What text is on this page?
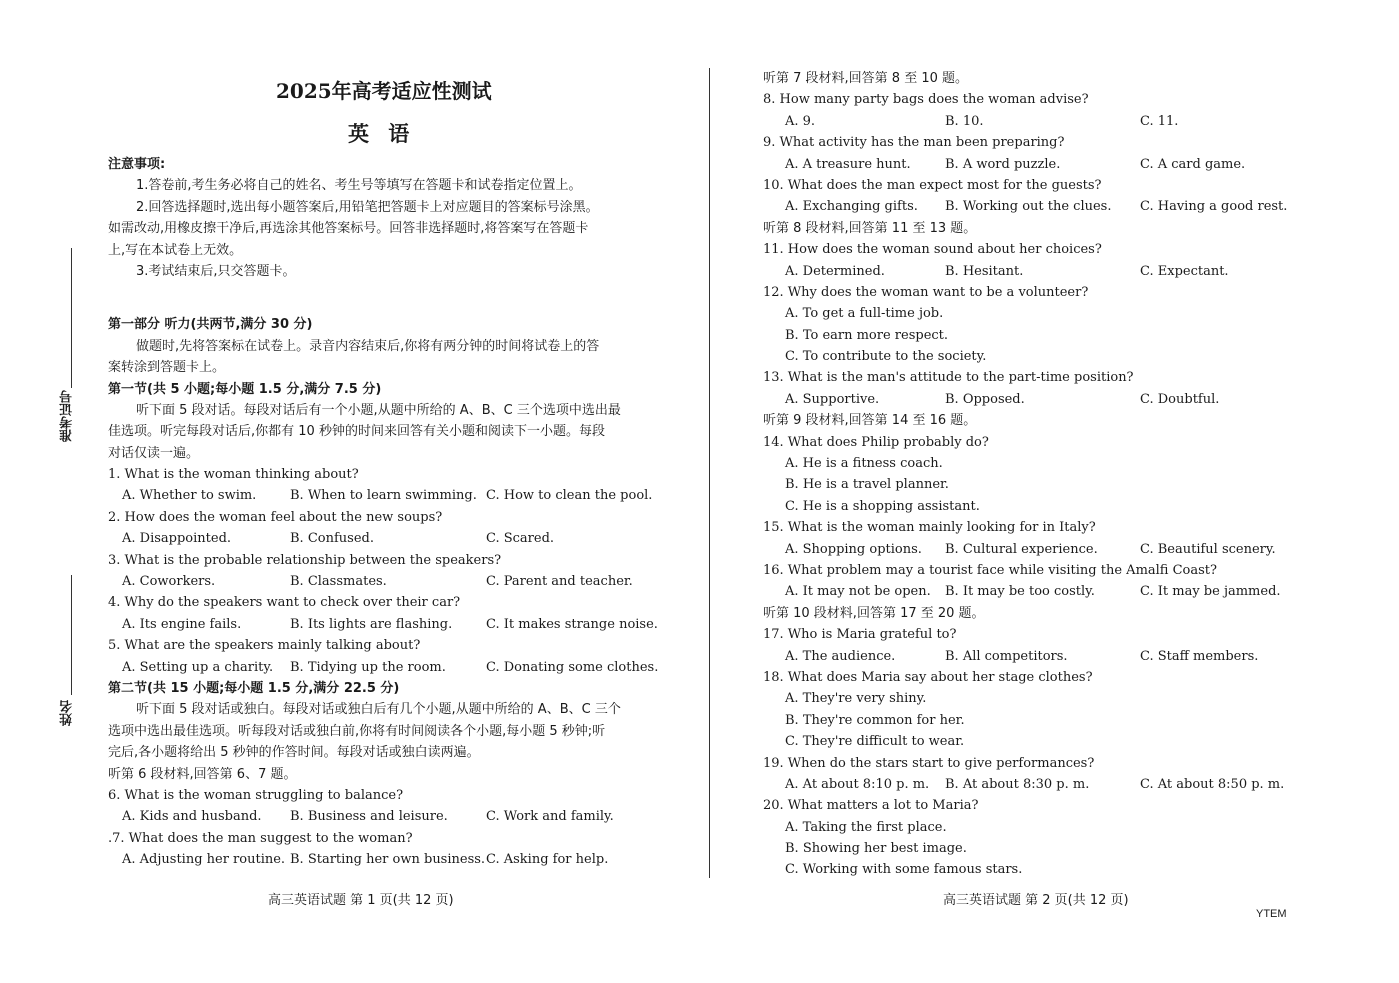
准考证号
姓名
2025年高考适应性测试
英 语
注意事项:
1.答卷前,考生务必将自己的姓名、考生号等填写在答题卡和试卷指定位置上。
2.回答选择题时,选出每小题答案后,用铅笔把答题卡上对应题目的答案标号涂黑。
如需改动,用橡皮擦干净后,再选涂其他答案标号。回答非选择题时,将答案写在答题卡
上,写在本试卷上无效。
3.考试结束后,只交答题卡。
第一部分 听力(共两节,满分 30 分)
做题时,先将答案标在试卷上。录音内容结束后,你将有两分钟的时间将试卷上的答
案转涂到答题卡上。
第一节(共 5 小题;每小题 1.5 分,满分 7.5 分)
听下面 5 段对话。每段对话后有一个小题,从题中所给的 A、B、C 三个选项中选出最
佳选项。听完每段对话后,你都有 10 秒钟的时间来回答有关小题和阅读下一小题。每段
对话仅读一遍。
1. What is the woman thinking about?
A. Whether to swim.	B. When to learn swimming. C. How to clean the pool.
2. How does the woman feel about the new soups?
A. Disappointed.	B. Confused.	C. Scared.
3. What is the probable relationship between the speakers?
A. Coworkers.	B. Classmates.	C. Parent and teacher.
4. Why do the speakers want to check over their car?
A. Its engine fails.	B. Its lights are flashing.	C. It makes strange noise.
5. What are the speakers mainly talking about?
A. Setting up a charity. B. Tidying up the room.	C. Donating some clothes.
第二节(共 15 小题;每小题 1.5 分,满分 22.5 分)
听下面 5 段对话或独白。每段对话或独白后有几个小题,从题中所给的 A、B、C 三个
选项中选出最佳选项。听每段对话或独白前,你将有时间阅读各个小题,每小题 5 秒钟;听
完后,各小题将给出 5 秒钟的作答时间。每段对话或独白读两遍。
听第 6 段材料,回答第 6、7 题。
6. What is the woman struggling to balance?
A. Kids and husband. B. Business and leisure.	C. Work and family.
.7. What does the man suggest to the woman?
A. Adjusting her routine. B. Starting her own business. C. Asking for help.
听第 7 段材料,回答第 8 至 10 题。
8. How many party bags does the woman advise?
A. 9.	B. 10.	C. 11.
9. What activity has the man been preparing?
A. A treasure hunt.	B. A word puzzle.	C. A card game.
10. What does the man expect most for the guests?
A. Exchanging gifts. B. Working out the clues. C. Having a good rest.
听第 8 段材料,回答第 11 至 13 题。
11. How does the woman sound about her choices?
A. Determined.	B. Hesitant.	C. Expectant.
12. Why does the woman want to be a volunteer?
A. To get a full-time job.
B. To earn more respect.
C. To contribute to the society.
13. What is the man's attitude to the part-time position?
A. Supportive.	B. Opposed.	C. Doubtful.
听第 9 段材料,回答第 14 至 16 题。
14. What does Philip probably do?
A. He is a fitness coach.
B. He is a travel planner.
C. He is a shopping assistant.
15. What is the woman mainly looking for in Italy?
A. Shopping options. B. Cultural experience.	C. Beautiful scenery.
16. What problem may a tourist face while visiting the Amalfi Coast?
A. It may not be open. B. It may be too costly.	C. It may be jammed.
听第 10 段材料,回答第 17 至 20 题。
17. Who is Maria grateful to?
A. The audience.	B. All competitors.	C. Staff members.
18. What does Maria say about her stage clothes?
A. They're very shiny.
B. They're common for her.
C. They're difficult to wear.
19. When do the stars start to give performances?
A. At about 8:10 p. m. B. At about 8:30 p. m.	C. At about 8:50 p. m.
20. What matters a lot to Maria?
A. Taking the first place.
B. Showing her best image.
C. Working with some famous stars.
高三英语试题 第 1 页(共 12 页)	高三英语试题 第 2 页(共 12 页)
YTEM
